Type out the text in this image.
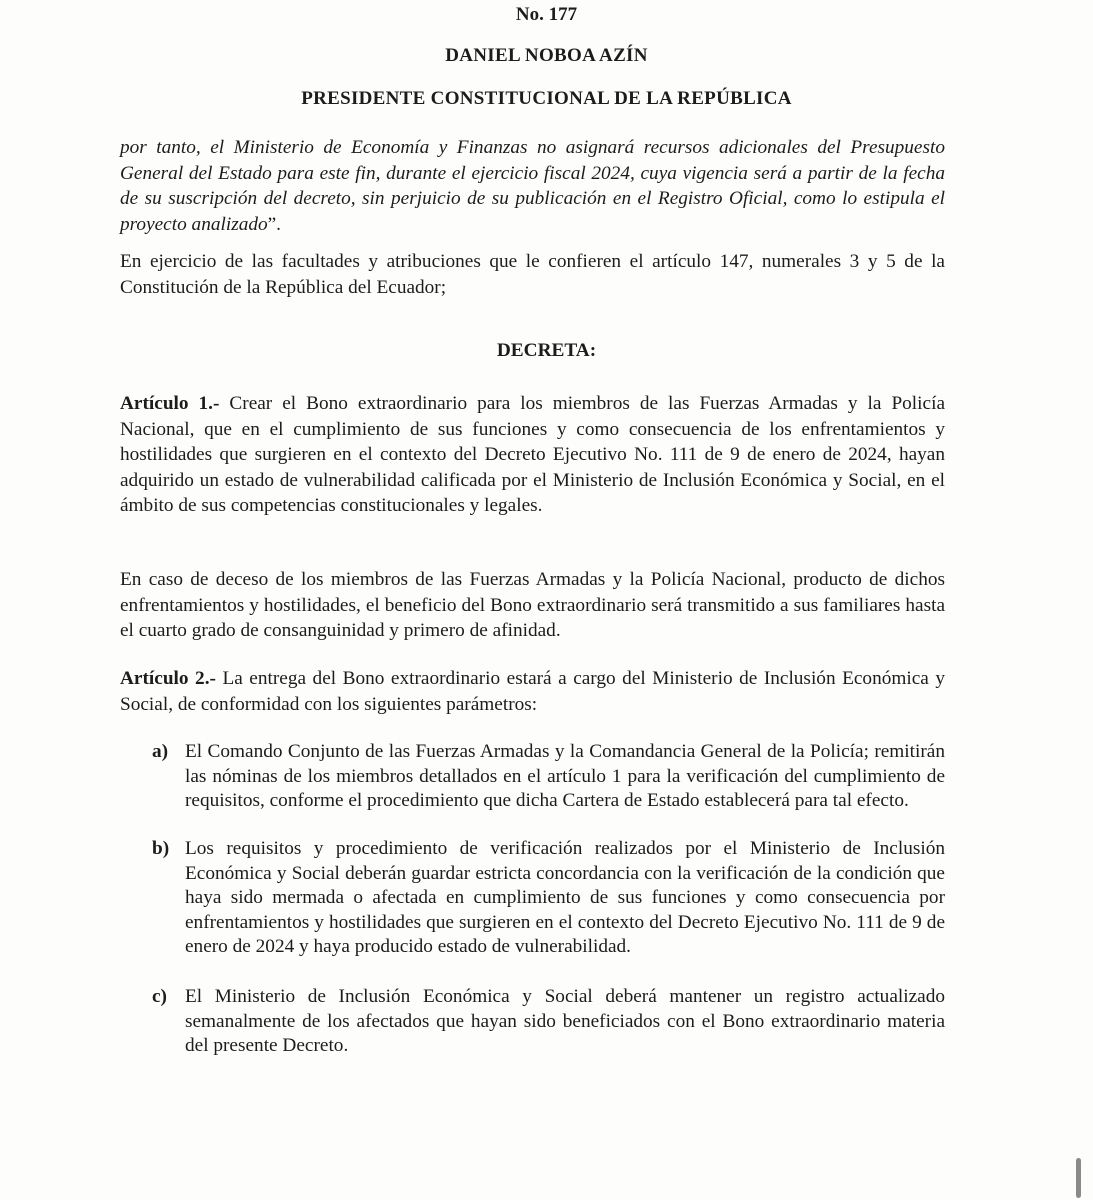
No. 177
DANIEL NOBOA AZÍN
PRESIDENTE CONSTITUCIONAL DE LA REPÚBLICA

por tanto, el Ministerio de Economía y Finanzas no asignará recursos adicionales del Presupuesto General del Estado para este fin, durante el ejercicio fiscal 2024, cuya vigencia será a partir de la fecha de su suscripción del decreto, sin perjuicio de su publicación en el Registro Oficial, como lo estipula el proyecto analizado”.

En ejercicio de las facultades y atribuciones que le confieren el artículo 147, numerales 3 y 5 de la Constitución de la República del Ecuador;

DECRETA:

Artículo 1.- Crear el Bono extraordinario para los miembros de las Fuerzas Armadas y la Policía Nacional, que en el cumplimiento de sus funciones y como consecuencia de los enfrentamientos y hostilidades que surgieren en el contexto del Decreto Ejecutivo No. 111 de 9 de enero de 2024, hayan adquirido un estado de vulnerabilidad calificada por el Ministerio de Inclusión Económica y Social, en el ámbito de sus competencias constitucionales y legales.

En caso de deceso de los miembros de las Fuerzas Armadas y la Policía Nacional, producto de dichos enfrentamientos y hostilidades, el beneficio del Bono extraordinario será transmitido a sus familiares hasta el cuarto grado de consanguinidad y primero de afinidad.

Artículo 2.- La entrega del Bono extraordinario estará a cargo del Ministerio de Inclusión Económica y Social, de conformidad con los siguientes parámetros:

a) El Comando Conjunto de las Fuerzas Armadas y la Comandancia General de la Policía; remitirán las nóminas de los miembros detallados en el artículo 1 para la verificación del cumplimiento de requisitos, conforme el procedimiento que dicha Cartera de Estado establecerá para tal efecto.
b) Los requisitos y procedimiento de verificación realizados por el Ministerio de Inclusión Económica y Social deberán guardar estricta concordancia con la verificación de la condición que haya sido mermada o afectada en cumplimiento de sus funciones y como consecuencia por enfrentamientos y hostilidades que surgieren en el contexto del Decreto Ejecutivo No. 111 de 9 de enero de 2024 y haya producido estado de vulnerabilidad.
c) El Ministerio de Inclusión Económica y Social deberá mantener un registro actualizado semanalmente de los afectados que hayan sido beneficiados con el Bono extraordinario materia del presente Decreto.
